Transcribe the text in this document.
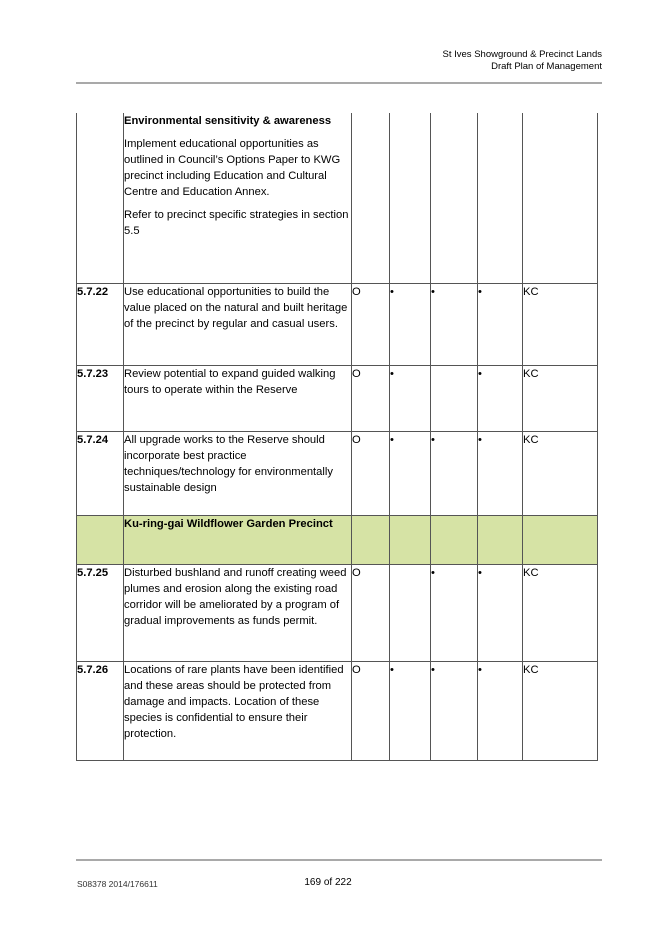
St Ives Showground & Precinct Lands
Draft Plan of Management

	Environmental sensitivity & awareness
Implement educational opportunities as outlined in Council’s Options Paper to KWG precinct including Education and Cultural Centre and Education Annex.
Refer to precinct specific strategies in section 5.5					

5.7.22	Use educational opportunities to build the value placed on the natural and built heritage of the precinct by regular and casual users.	O	•	•	•	KC
5.7.23	Review potential to expand guided walking tours to operate within the Reserve	O	•		•	KC
5.7.24	All upgrade works to the Reserve should incorporate best practice techniques/technology for environmentally sustainable design	O	•	•	•	KC

	Ku-ring-gai Wildflower Garden Precinct					

5.7.25	Disturbed bushland and runoff creating weed plumes and erosion along the existing road corridor will be ameliorated by a program of gradual improvements as funds permit.	O		•	•	KC
5.7.26	Locations of rare plants have been identified and these areas should be protected from damage and impacts. Location of these species is confidential to ensure their protection.	O	•	•	•	KC
S08378 2014/176611	169 of 222
